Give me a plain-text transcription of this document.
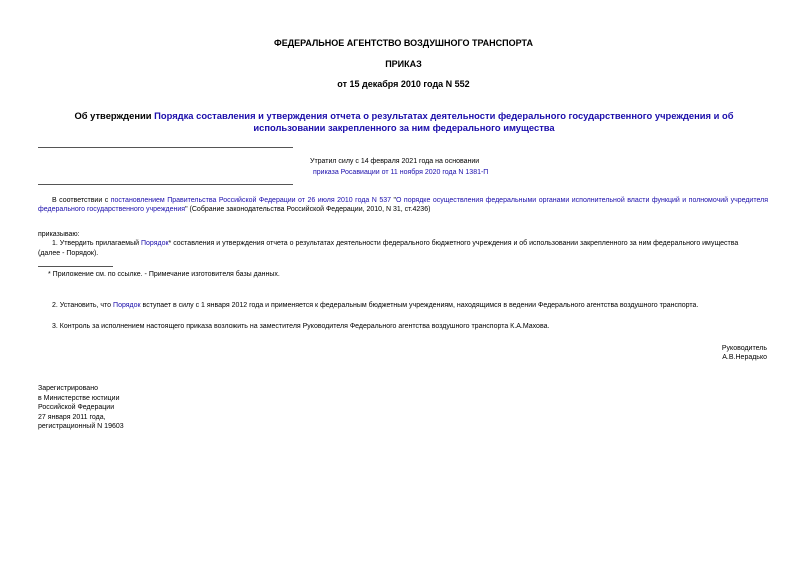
ФЕДЕРАЛЬНОЕ АГЕНТСТВО ВОЗДУШНОГО ТРАНСПОРТА
ПРИКАЗ
от 15 декабря 2010 года N 552
Об утверждении Порядка составления и утверждения отчета о результатах деятельности федерального государственного учреждения и об использовании закрепленного за ним федерального имущества
Утратил силу с 14 февраля 2021 года на основании
приказа Росавиации от 11 ноября 2020 года N 1381-П
В соответствии с постановлением Правительства Российской Федерации от 26 июля 2010 года N 537 "О порядке осуществления федеральными органами исполнительной власти функций и полномочий учредителя федерального государственного учреждения" (Собрание законодательства Российской Федерации, 2010, N 31, ст.4236)
приказываю:
1. Утвердить прилагаемый Порядок* составления и утверждения отчета о результатах деятельности федерального бюджетного учреждения и об использовании закрепленного за ним федерального имущества
(далее - Порядок).
* Приложение см. по ссылке. - Примечание изготовителя базы данных.
2. Установить, что Порядок вступает в силу с 1 января 2012 года и применяется к федеральным бюджетным учреждениям, находящимся в ведении Федерального агентства воздушного транспорта.
3. Контроль за исполнением настоящего приказа возложить на заместителя Руководителя Федерального агентства воздушного транспорта К.А.Махова.
Руководитель
А.В.Нерадько
Зарегистрировано
в Министерстве юстиции
Российской Федерации
27 января 2011 года,
регистрационный N 19603
